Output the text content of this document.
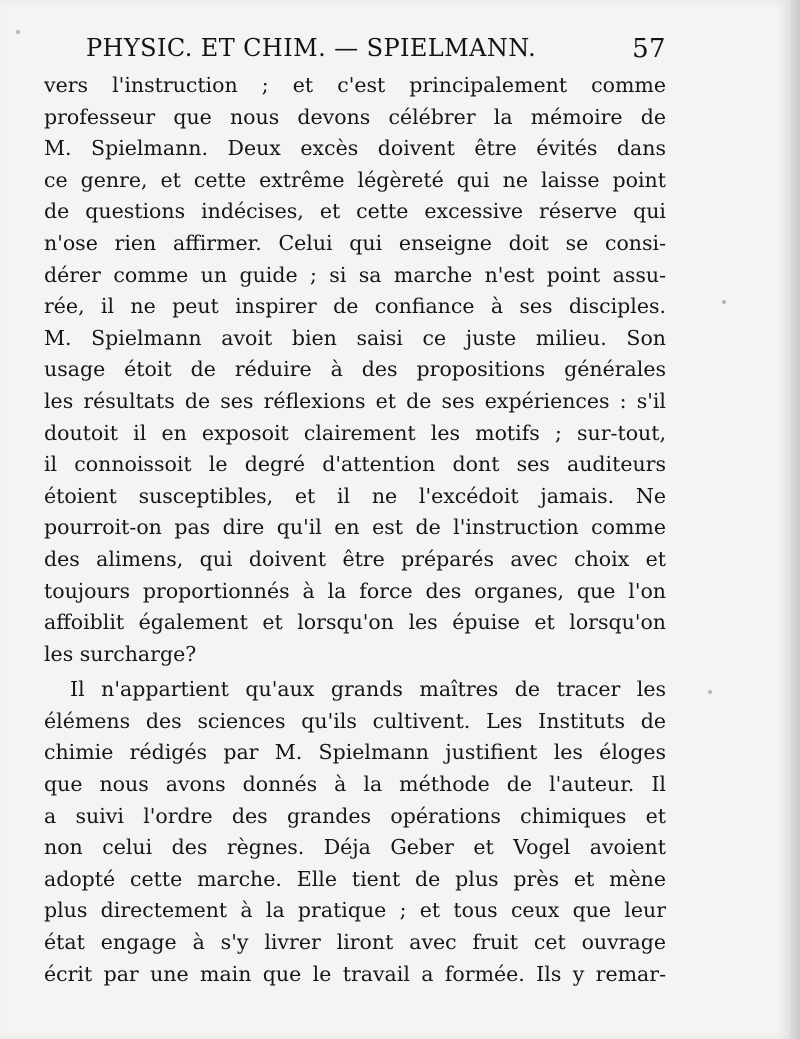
PHYSIC. ET CHIM. — SPIELMANN.	57
vers l'instruction ; et c'est principalement comme
professeur que nous devons célébrer la mémoire de
M. Spielmann. Deux excès doivent être évités dans
ce genre, et cette extrême légèreté qui ne laisse point
de questions indécises, et cette excessive réserve qui
n'ose rien affirmer. Celui qui enseigne doit se consi-
dérer comme un guide ; si sa marche n'est point assu-
rée, il ne peut inspirer de confiance à ses disciples.
M. Spielmann avoit bien saisi ce juste milieu. Son
usage étoit de réduire à des propositions générales
les résultats de ses réflexions et de ses expériences : s'il
doutoit il en exposoit clairement les motifs ; sur-tout,
il connoissoit le degré d'attention dont ses auditeurs
étoient susceptibles, et il ne l'excédoit jamais. Ne
pourroit-on pas dire qu'il en est de l'instruction comme
des alimens, qui doivent être préparés avec choix et
toujours proportionnés à la force des organes, que l'on
affoiblit également et lorsqu'on les épuise et lorsqu'on
les surcharge?
Il n'appartient qu'aux grands maîtres de tracer les
élémens des sciences qu'ils cultivent. Les Instituts de
chimie rédigés par M. Spielmann justifient les éloges
que nous avons donnés à la méthode de l'auteur. Il
a suivi l'ordre des grandes opérations chimiques et
non celui des règnes. Déja Geber et Vogel avoient
adopté cette marche. Elle tient de plus près et mène
plus directement à la pratique ; et tous ceux que leur
état engage à s'y livrer liront avec fruit cet ouvrage
écrit par une main que le travail a formée. Ils y remar-
